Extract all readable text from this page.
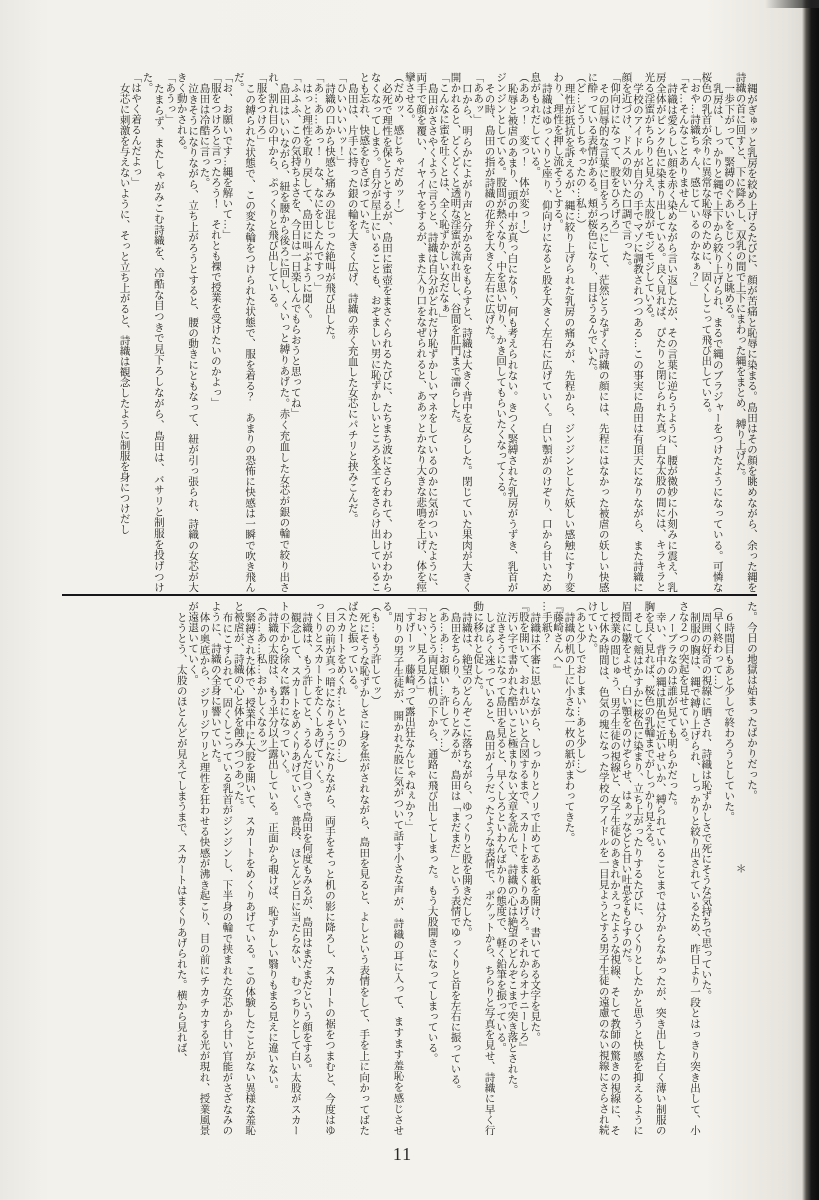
縄がぎゅッと乳房を絞め上げるたびに、顔が苦痛と恥辱に染まる。島田はその顔を眺めながら、余った縄を詩織の首に回すと、下に降ろし、双乳の間で上下にまわった縄をまとめ、縛り上げた。

一歩下がって、緊縛のぐあいをじっくりと眺める。

乳房は、しっかりと縄で上下から絞り上げられ、まるで縄のブラジャーをつけたようになっている。可憐な桜色の乳首が余りに異常な恥辱のために、固くしこって飛び出している。

「おや…詩織ちゃん、感じているのかなぁ？」

「そ…そんなことありません」

詩織は愛らしい顔を赤く染めながら言い返したが、その言葉に逆らうように、腰が微妙に小刻みに震え、乳房全体がピンク色に染まり出している。良く見れば、ぴたりと閉じられた真っ白な太股の間には、キラキラと光る淫蜜がちらりと見え、太股がモジモジしている。

学校のアイドルが自分の手でマゾに調教されつつある…この事実に島田は有頂天になりながら、また詩織に顔を近づけ、ドスの効いた口調で言った。

「仰向けになって、股をひろげろ」

その屈辱的な言葉に目をうつろにして、茫然とうなずく詩織の顔には、先程にはなかった被虐の妖しい快感に酔っている表情がある。頬が桜色になり、目はうるんでいた。

（ど…どうしちゃったの…私…）

理性が抵抗を訴えるが、縄に絞り上げられた乳房の痛みが、先程から、ジンジンとした妖しい感触にすり変わり、理性を押し流そうとする。

詩織はゆっくりと座り、仰向けになると股を大きく左右に広げていく。白い顎がのけぞり、口から甘いため息がもれだしている。

（ああっ！　変っ！　体が変っ！）

恥辱と被虐のあまり、頭の中が真っ白になり、何も考えられない。きつく緊縛された乳房がうずき、乳首がジンジンとしている。股間が熱くなり、中を思い切り、かき回してもらいたくなってくる。

その時、島田の指が詩織の花弁を大きく左右に広げた。

「ああッ」

口から、明らかによがり声と分かる声をもらすと、詩織は大きく背中を反らした。閉じていた果肉が大きく開かれると、どくどくと透明な淫蜜が流れ出し、谷間を肛門まで濡らした。

「こんなに蜜を吐くとは、全く恥ずかしい女だなぁ」

島田がささやくように言うと、詩織は自分がどれだけ恥ずかしいマネをしているのかに気がついたように、両手で顔を覆い、イヤイヤをするが、また入り口をなぜられると、ああッとかなり大きな悲鳴を上げ、体を痙攣させる。

（だめッ、感じちゃだめッ！）

必死で理性を保とうとするが、島田に蜜壺をまさぐられるたびに、たちまち波にさらわれて、わけがわからなくなってしまう。自分が屋上にいることも、おぞましい男に恥ずかしいところを全てをさらけ出していることも忘れ、快感をむさぼっていた。

島田は、片手に持った銀の輪を大きく広げ、詩織の赤く充血した女芯にパチリと挟みこんだ。

「ひいいいいッ！」

詩織の口から快感と痛みの混じった絶叫が飛び出した。

「あ…あ…あっ！　な、なにをしたんですっ」

はっと理性を取り戻して、島田に叫ぶように聞く。

「ふふふ、この気持ちよさを、今日は一日楽しんでもらおうと思ってね」

島田はいいながら、紐を腰から後ろに回し、くいっと縛りあげた。赤く充血した女芯が銀の輪で絞り出され、割れ目の中から、ぷっくりと飛び出している。

「服をつけろ」

この縛られた状態で、この変な輪をつけられた状態で、服を着る？　あまりの恐怖に快感は一瞬で吹き飛んだ。

「お、お願いです…縄を解いて…」

「服をつけろと言ったろう！　それとも裸で授業を受けたいのかよっ」

島田は冷酷に言った。

泣きそうになりながら、立ち上がろうとすると、腰の動きにともなって、紐が引っ張られ、詩織の女芯が大きく動かされる。

「あうっ」

たまらず、またしゃがみこむ詩織を、冷酷な目つきで見下ろしながら、島田は、バサリと制服を投げつけた。

「はやく着るんだよっ」

女芯に刺激を与えないように、そっと立ち上がると、詩織は観念したように制服を身につけだし

た。今日の地獄は始まったばかりだった。

＊

６時間目もあと少しで終わろうとしていた。

（早く終わって…）

周囲の好奇の視線に晒され、詩織は恥ずかしさで死にそうな気持ちで思っていた。

制服の胸は、縄で縛り上げられ、しっかりと絞り出されているため、昨日より一段とはっきり突き出して、小さな２つの突起を見せている。

ノーブラなのは誰が見ても明らかだった。

幸い、背中の縄は肌色に近いせいか、縛られていることまでは分からなかったが、突き出した白く薄い制服の胸を良く見れば、桜色の乳輪までがしっかり見える。

そして頬はかすかに桜色に染まり、立ち上がったりするたびに、ひくりとしたかと思うと快感を抑えるように眉間に皺をよせ、白い顎をのけぞらせ、はぁッなどと甘い吐息をもらすのだ。

授業の間じゅう、男子生徒の視線と、女子生徒のあきれかえったような視線、そして教師の驚きの視線に、そして休み時間は、色気の塊になった学校のアイドルを一目見ようとする男子生徒の遠慮のない視線にさらされ続けていた。

（あと少しでおしまい…あと少し…）

詩織の机の上に小さな一枚の紙がまわってきた。

『藤崎さんへ』

…手紙？

詩織は不審に思いながら、しっかりとノリで止めてある紙を開け、書いてある文字を見た。

『股を開いて、おれがいいと合図するまで、スカートをまくりあげろ。それからオナニーしろ』

汚い字で書かれた酷いこと極まりない文章を読んで、詩織の心は絶望のどんぞこまで突き落とされた。

泣きそうになって島田を見ると、早くしろといわんばかりの態度で、軽く鉛筆を振っている。

しばらく迷っていると、島田がイラだったような表情で、ポケットから、ちらりと写真を見せ、詩織に早く行動に移れと促した。

詩織は、絶望のどんぞこに落ちながら、ゆっくりと股を開きだした。

島田をちらり、ちらりとみるが、島田は「まだまだ」という表情でゆっくりと首を左右に振っている。

（あ…あ…お願い…許してッ…）

とうとう両足は机の下から、通路に飛び出してしまった。もう大股開きになってしまっている。

「おい、見ろ見ろ」

「すげーッ　藤崎って露出狂なんじゃねぇか？」

周りの男子生徒が、開かれた股に気がついて話す小さな声が、詩織の耳に入って、ますます羞恥を感じさせる。

（も…もう許してッ）

死にそうな恥ずかしさに身を焦がされながら、島田を見ると、よしという表情をして、手を上に向かってばたばたと振っている。

（スカートをめくれ…というの…）

目の前が真っ暗になりそうになりながら、両手をそっと机の影に降ろし、スカートの裾をつまむと、今度はゆっくりとスカートをたくしあげていく。

詩織は、もう許してと、うるんだ目つきで島田を何度もみるが、島田はまだまだという顔をする。

観念して、スカートをめくりあげていく。普段、ほとんど日に当たらない、むっちりとして白い太股がスカートの下から徐々に露わになっていく。

詩織の太股は、もう半分以上露出している。正面から覗けば、恥ずかしい翳りもまる見えに違いない。

（あ…あ…私…おかしくなるッ）

緊縛された体で、授業中に大股を開いて、スカートをめくりあげている。この体験したことがない異様な羞恥と被虐が、詩織の心と体を蝕みつつあった。

布にこすられて、固くしこっている乳首がジンジンし、下半身の輪で挟まれた女芯から甘い官能がさざなみのように、詩織の全身に響いていた。

体の奥底から、ジワリジワリと理性を狂わせる快感が沸き起こり、目の前にチカチカする光が現れ、授業風景が遠退いていく。

とうとう、太股のほとんどが見えてしまうまで、スカートはまくりあげられた。横から見れば、

11
